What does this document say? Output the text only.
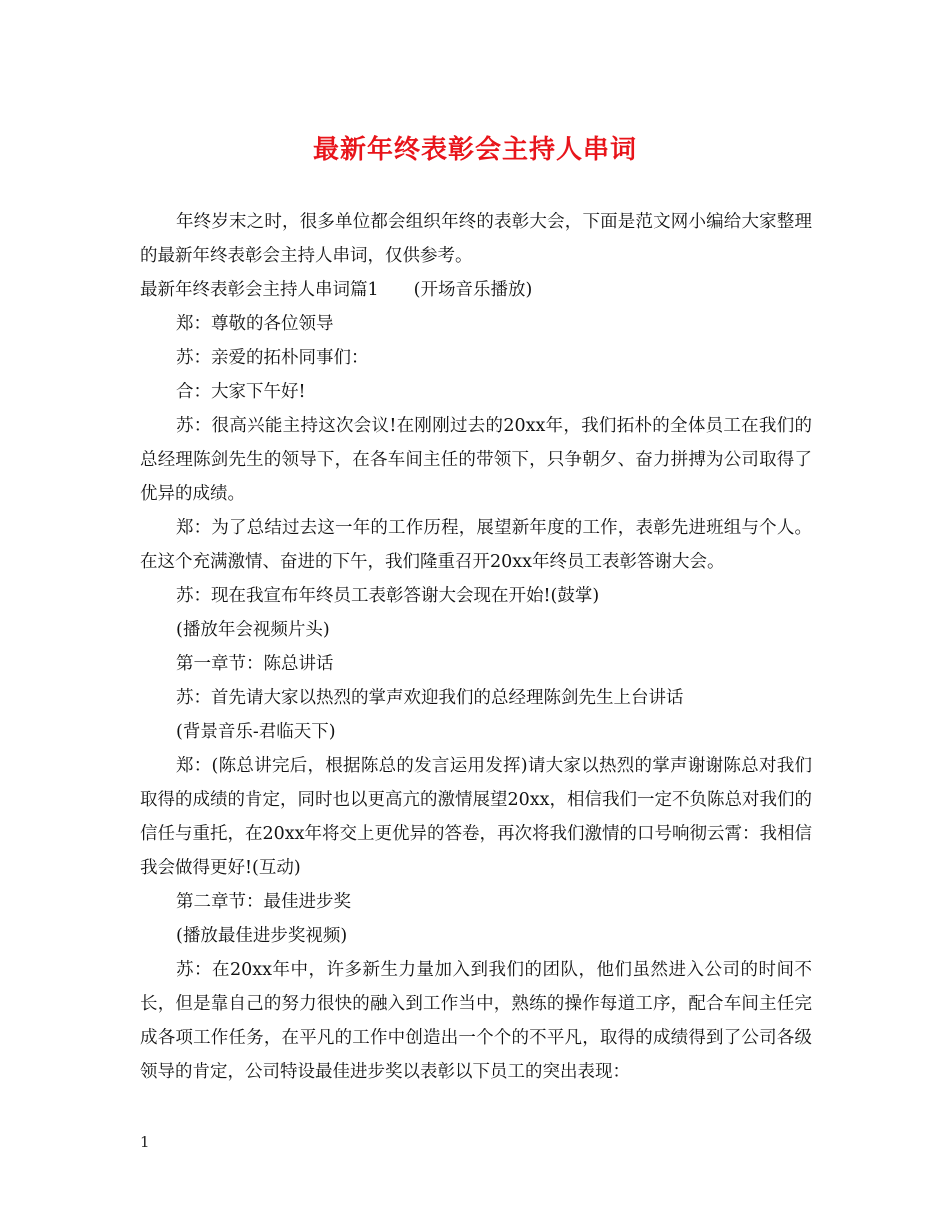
最新年终表彰会主持人串词

年终岁末之时，很多单位都会组织年终的表彰大会，下面是范文网小编给大家整理的最新年终表彰会主持人串词，仅供参考。

最新年终表彰会主持人串词篇1　　(开场音乐播放)

郑：尊敬的各位领导

苏：亲爱的拓朴同事们：

合：大家下午好!

苏：很高兴能主持这次会议!在刚刚过去的20xx年，我们拓朴的全体员工在我们的总经理陈剑先生的领导下，在各车间主任的带领下，只争朝夕、奋力拼搏为公司取得了优异的成绩。

郑：为了总结过去这一年的工作历程，展望新年度的工作，表彰先进班组与个人。在这个充满激情、奋进的下午，我们隆重召开20xx年终员工表彰答谢大会。

苏：现在我宣布年终员工表彰答谢大会现在开始!(鼓掌)

(播放年会视频片头)

第一章节：陈总讲话

苏：首先请大家以热烈的掌声欢迎我们的总经理陈剑先生上台讲话

(背景音乐-君临天下)

郑：(陈总讲完后，根据陈总的发言运用发挥)请大家以热烈的掌声谢谢陈总对我们取得的成绩的肯定，同时也以更高亢的激情展望20xx，相信我们一定不负陈总对我们的信任与重托，在20xx年将交上更优异的答卷，再次将我们激情的口号响彻云霄：我相信我会做得更好!(互动)

第二章节：最佳进步奖

(播放最佳进步奖视频)

苏：在20xx年中，许多新生力量加入到我们的团队，他们虽然进入公司的时间不长，但是靠自己的努力很快的融入到工作当中，熟练的操作每道工序，配合车间主任完成各项工作任务，在平凡的工作中创造出一个个的不平凡，取得的成绩得到了公司各级领导的肯定，公司特设最佳进步奖以表彰以下员工的突出表现：

1
